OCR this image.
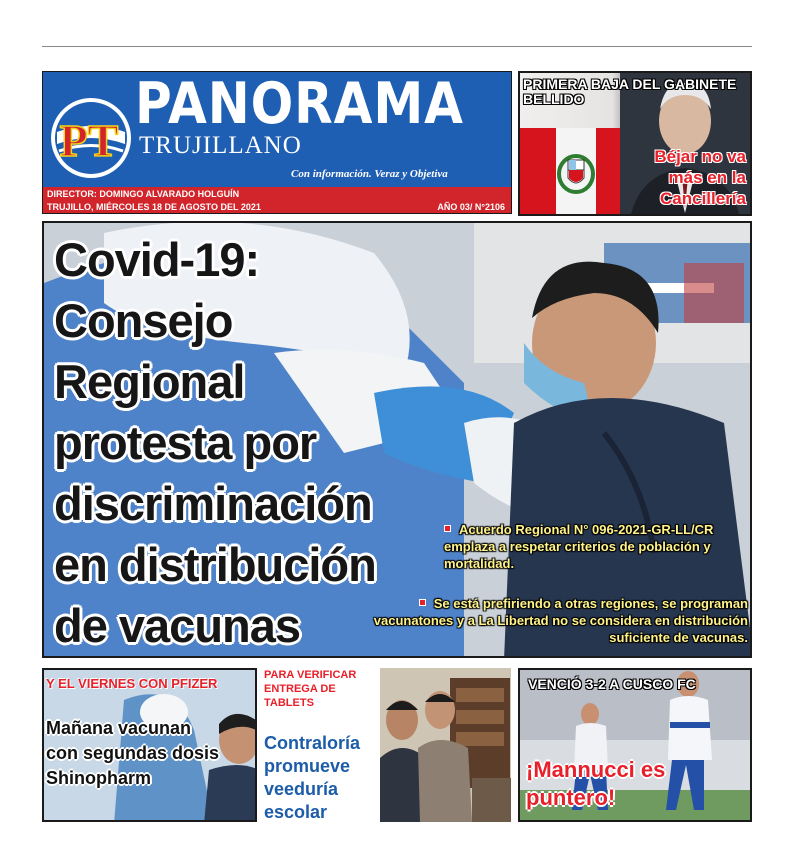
PT
PANORAMA
TRUJILLANO
Con información. Veraz y Objetiva
DIRECTOR: DOMINGO ALVARADO HOLGUÍN
TRUJILLO, MIÉRCOLES 18 DE AGOSTO DEL 2021	AÑO 03/ N°2106
PRIMERA BAJA DEL GABINETE BELLIDO
Béjar no va más en la Cancillería
Covid-19: Consejo Regional protesta por discriminación en distribución de vacunas
Acuerdo Regional N° 096-2021-GR-LL/CR emplaza a respetar criterios de población y mortalidad.
Se está prefiriendo a otras regiones, se programan vacunatones y a La Libertad no se considera en distribución suficiente de vacunas.
Y EL VIERNES CON PFIZER
Mañana vacunan con segundas dosis Shinopharm
PARA VERIFICAR ENTREGA DE TABLETS
Contraloría promueve veeduría escolar
VENCIÓ 3-2 A CUSCO FC
¡Mannucci es puntero!
